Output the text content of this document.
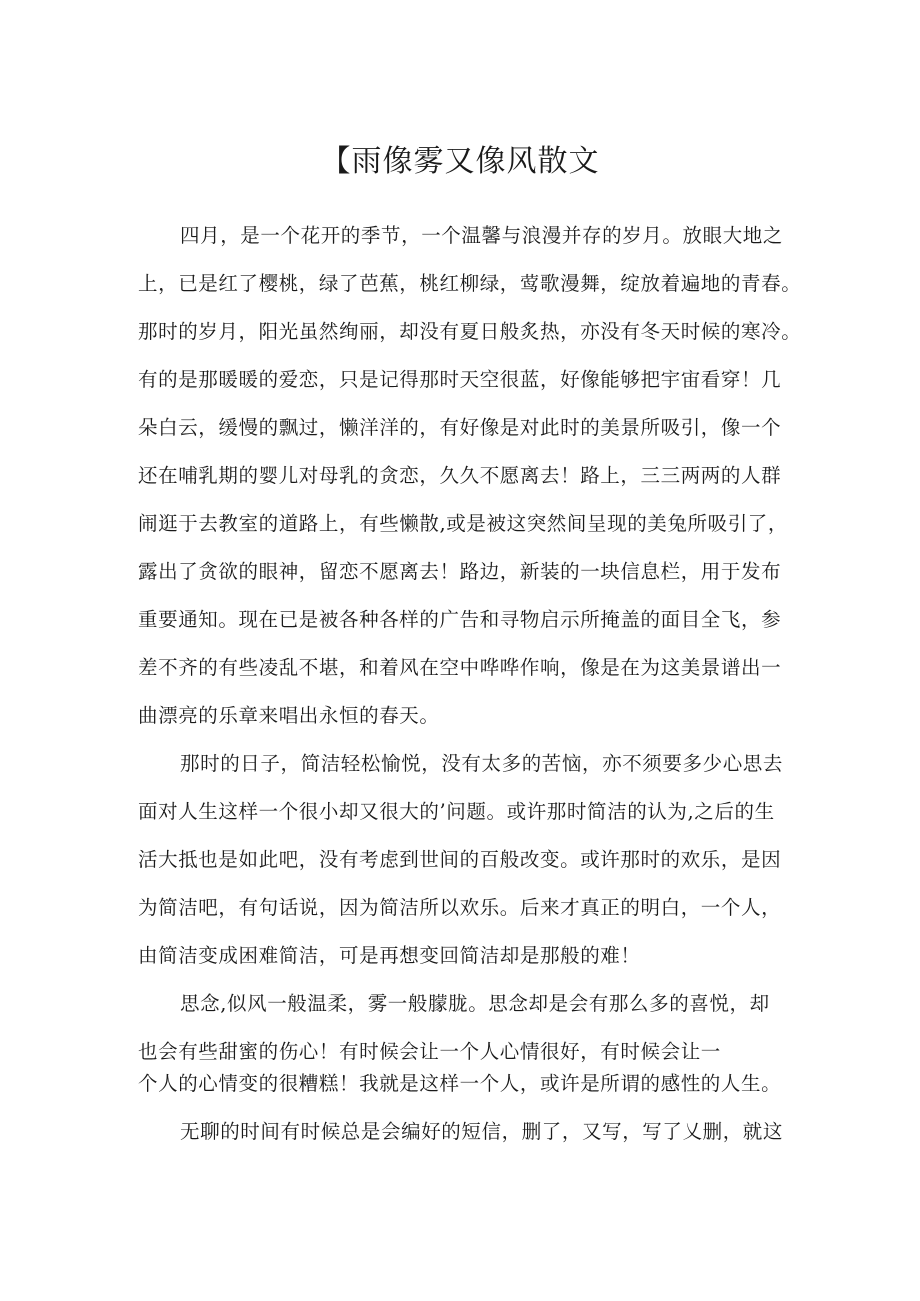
【雨像雾又像风散文

四月，是一个花开的季节，一个温馨与浪漫并存的岁月。放眼大地之

上，已是红了樱桃，绿了芭蕉，桃红柳绿，莺歌漫舞，绽放着遍地的青春。

那时的岁月，阳光虽然绚丽，却没有夏日般炙热，亦没有冬天时候的寒冷。

有的是那暖暖的爱恋，只是记得那时天空很蓝，好像能够把宇宙看穿！几

朵白云，缓慢的飘过，懒洋洋的，有好像是对此时的美景所吸引，像一个

还在哺乳期的婴儿对母乳的贪恋，久久不愿离去！路上，三三两两的人群

闹逛于去教室的道路上，有些懒散,或是被这突然间呈现的美兔所吸引了，

露出了贪欲的眼神，留恋不愿离去！路边，新装的一块信息栏，用于发布

重要通知。现在已是被各种各样的广告和寻物启示所掩盖的面目全飞，参

差不齐的有些凌乱不堪，和着风在空中哗哗作响，像是在为这美景谱出一

曲漂亮的乐章来唱出永恒的春天。

那时的日子，简洁轻松愉悦，没有太多的苦恼，亦不须要多少心思去

面对人生这样一个很小却又很大的’问题。或许那时简洁的认为,之后的生

活大抵也是如此吧，没有考虑到世间的百般改变。或许那时的欢乐，是因

为简洁吧，有句话说，因为简洁所以欢乐。后来才真正的明白，一个人，

由简洁变成困难简洁，可是再想变回简洁却是那般的难！

思念,似风一般温柔，雾一般朦胧。思念却是会有那么多的喜悦，却

也会有些甜蜜的伤心！有时候会让一个人心情很好，有时候会让一

个人的心情变的很糟糕！我就是这样一个人，或许是所谓的感性的人生。

无聊的时间有时候总是会编好的短信，删了，又写，写了乂删，就这
